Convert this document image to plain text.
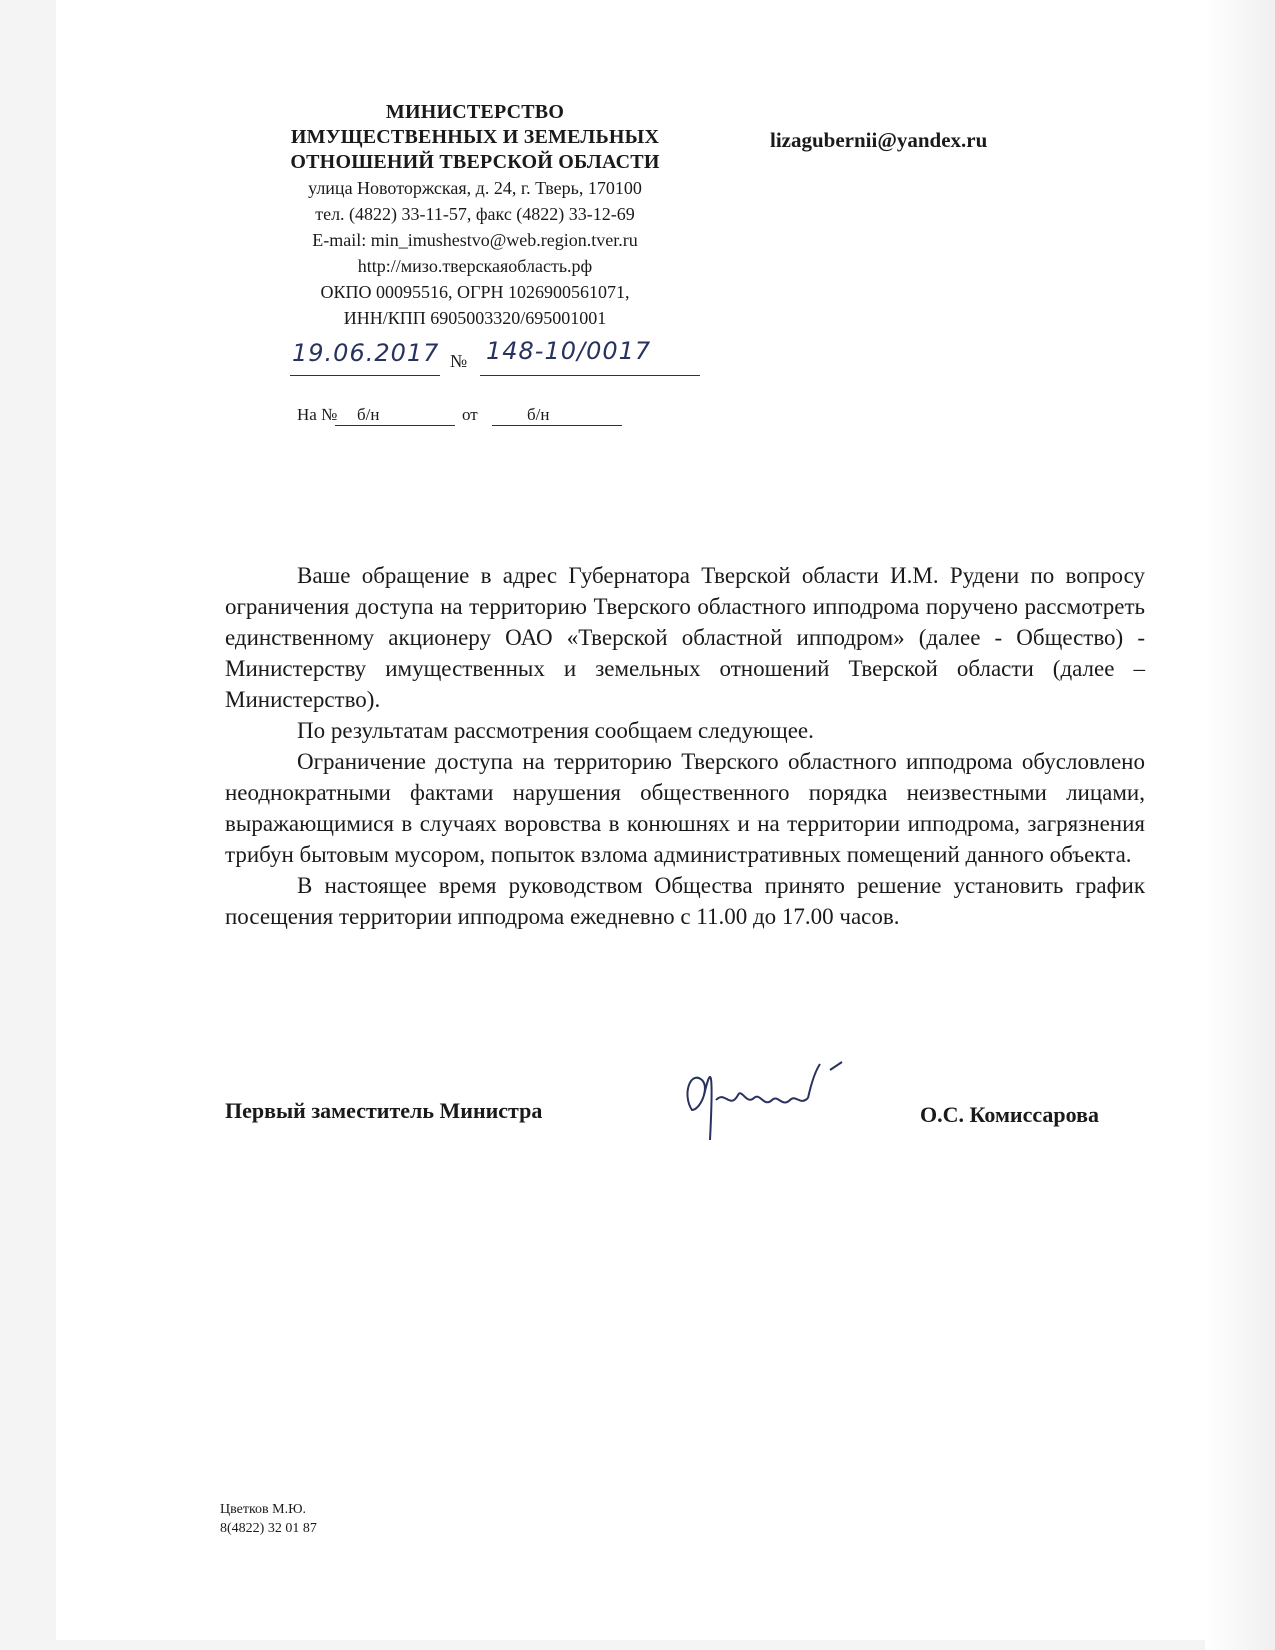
МИНИСТЕРСТВО
ИМУЩЕСТВЕННЫХ И ЗЕМЕЛЬНЫХ
ОТНОШЕНИЙ ТВЕРСКОЙ ОБЛАСТИ
улица Новоторжская, д. 24, г. Тверь, 170100
тел. (4822) 33-11-57, факс (4822) 33-12-69
E-mail: min_imushestvo@web.region.tver.ru
http://мизо.тверскаяобласть.рф
ОКПО 00095516, ОГРН 1026900561071,
ИНН/КПП 6905003320/695001001
lizagubernii@yandex.ru
19.06.2017 № 148-10/0017
На № б/н	от	б/н

Ваше обращение в адрес Губернатора Тверской области И.М. Рудени по вопросу ограничения доступа на территорию Тверского областного ипподрома поручено рассмотреть единственному акционеру ОАО «Тверской областной ипподром» (далее - Общество) - Министерству имущественных и земельных отношений Тверской области (далее – Министерство).

По результатам рассмотрения сообщаем следующее.

Ограничение доступа на территорию Тверского областного ипподрома обусловлено неоднократными фактами нарушения общественного порядка неизвестными лицами, выражающимися в случаях воровства в конюшнях и на территории ипподрома, загрязнения трибун бытовым мусором, попыток взлома административных помещений данного объекта.

В настоящее время руководством Общества принято решение установить график посещения территории ипподрома ежедневно с 11.00 до 17.00 часов.

Первый заместитель Министра	О.С. Комиссарова
Цветков М.Ю.
8(4822) 32 01 87
